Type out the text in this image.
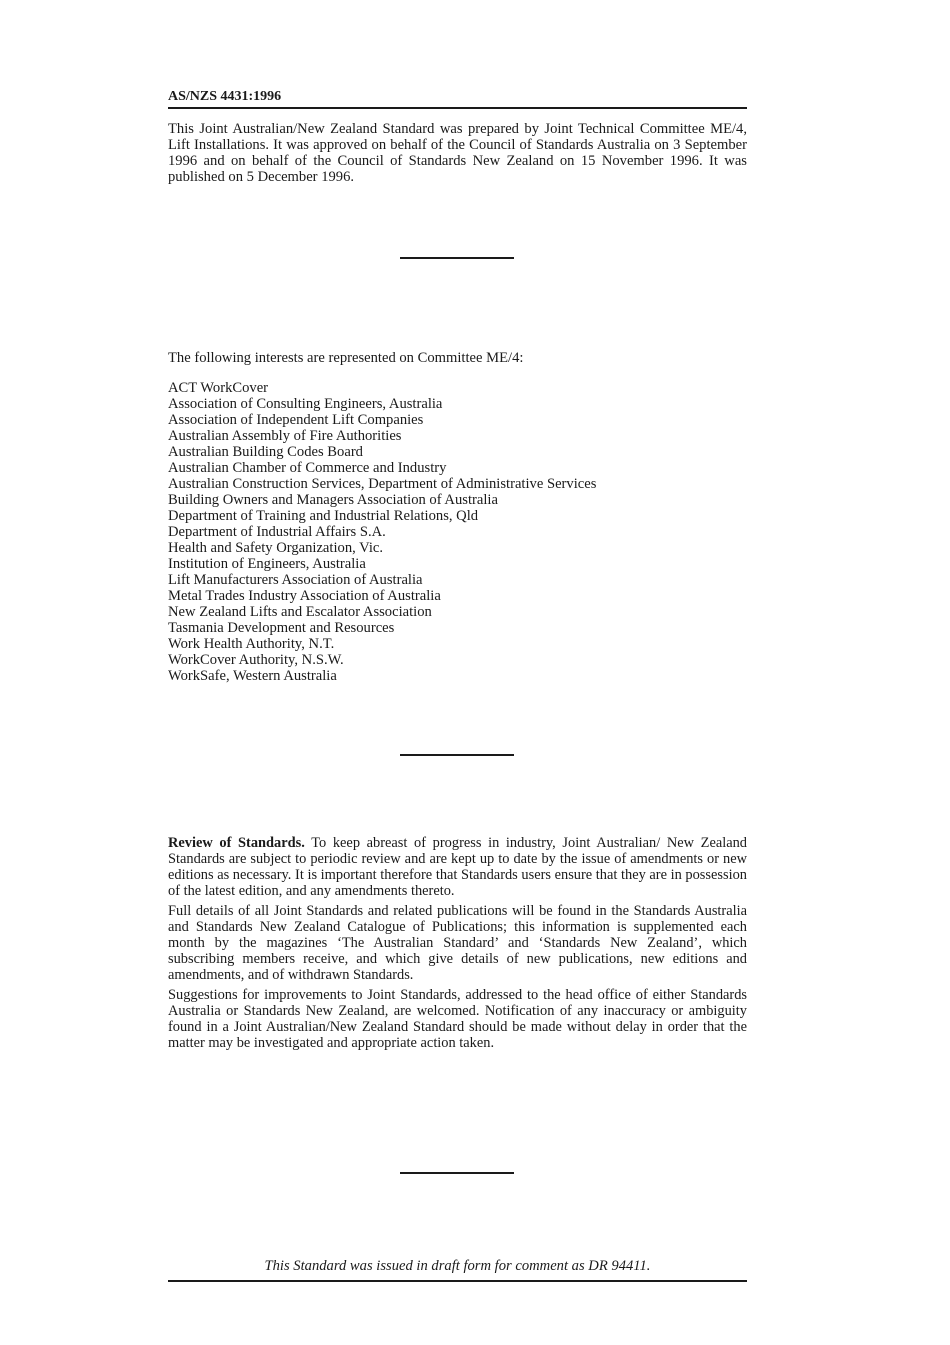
AS/NZS 4431:1996

This Joint Australian/New Zealand Standard was prepared by Joint Technical Committee ME/4, Lift Installations. It was approved on behalf of the Council of Standards Australia on 3 September 1996 and on behalf of the Council of Standards New Zealand on 15 November 1996. It was published on 5 December 1996.

The following interests are represented on Committee ME/4:

ACT WorkCover
Association of Consulting Engineers, Australia
Association of Independent Lift Companies
Australian Assembly of Fire Authorities
Australian Building Codes Board
Australian Chamber of Commerce and Industry
Australian Construction Services, Department of Administrative Services
Building Owners and Managers Association of Australia
Department of Training and Industrial Relations, Qld
Department of Industrial Affairs S.A.
Health and Safety Organization, Vic.
Institution of Engineers, Australia
Lift Manufacturers Association of Australia
Metal Trades Industry Association of Australia
New Zealand Lifts and Escalator Association
Tasmania Development and Resources
Work Health Authority, N.T.
WorkCover Authority, N.S.W.
WorkSafe, Western Australia

Review of Standards. To keep abreast of progress in industry, Joint Australian/ New Zealand Standards are subject to periodic review and are kept up to date by the issue of amendments or new editions as necessary. It is important therefore that Standards users ensure that they are in possession of the latest edition, and any amendments thereto.

Full details of all Joint Standards and related publications will be found in the Standards Australia and Standards New Zealand Catalogue of Publications; this information is supplemented each month by the magazines ‘The Australian Standard’ and ‘Standards New Zealand’, which subscribing members receive, and which give details of new publications, new editions and amendments, and of withdrawn Standards.

Suggestions for improvements to Joint Standards, addressed to the head office of either Standards Australia or Standards New Zealand, are welcomed. Notification of any inaccuracy or ambiguity found in a Joint Australian/New Zealand Standard should be made without delay in order that the matter may be investigated and appropriate action taken.

This Standard was issued in draft form for comment as DR 94411.
